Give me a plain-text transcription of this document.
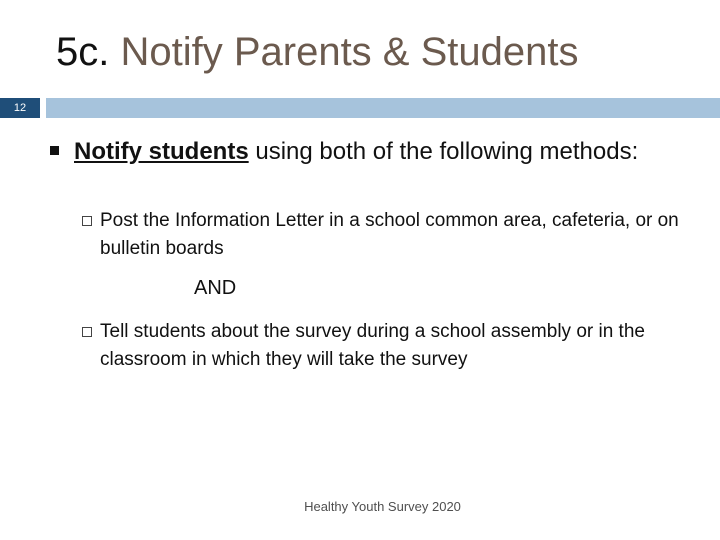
5c. Notify Parents & Students
12
Notify students using both of the following methods:
Post the Information Letter in a school common area, cafeteria, or on bulletin boards
AND
Tell students about the survey during a school assembly or in the classroom in which they will take the survey
Healthy Youth Survey 2020
